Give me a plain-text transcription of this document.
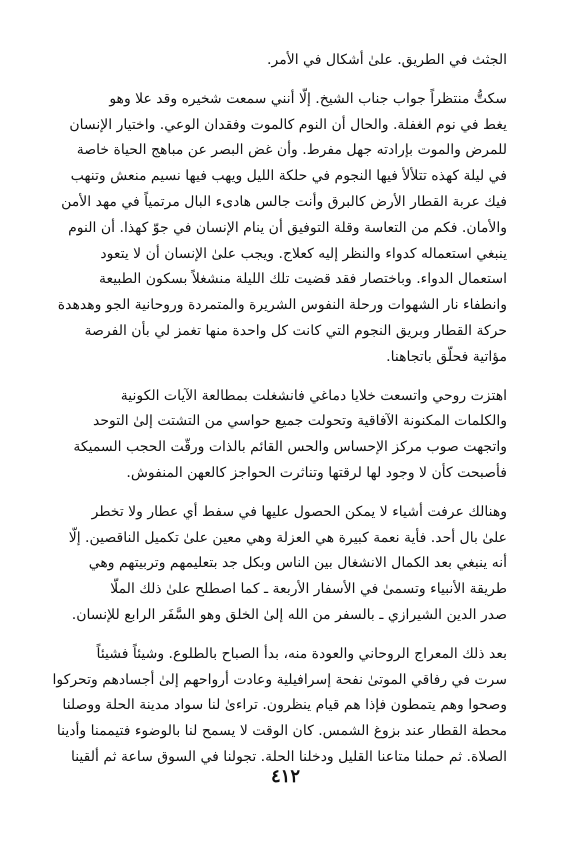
الجثث في الطريق. علىٰ أشكال في الأمر.

سكتُّ منتظراً جواب جناب الشيخ. إلّا أنني سمعت شخيره وقد علا وهو
يغط في نوم الغفلة. والحال أن النوم كالموت وفقدان الوعي. واختيار الإنسان
للمرض والموت بإرادته جهل مفرط. وأن غض البصر عن مباهج الحياة خاصة
في ليلة كهذه تتلألأ فيها النجوم في حلكة الليل ويهب فيها نسيم منعش وتنهب
فيك عربة القطار الأرض كالبرق وأنت جالس هادىء البال مرتمياً في مهد الأمن
والأمان. فكم من التعاسة وقلة التوفيق أن ينام الإنسان في جوّ كهذا. أن النوم
ينبغي استعماله كدواء والنظر إليه كعلاج. ويجب علىٰ الإنسان أن لا يتعود
استعمال الدواء. وباختصار فقد قضيت تلك الليلة منشغلاً بسكون الطبيعة
وانطفاء نار الشهوات ورحلة النفوس الشريرة والمتمردة وروحانية الجو وهدهدة
حركة القطار وبريق النجوم التي كانت كل واحدة منها تغمز لي بأن الفرصة
مؤاتية فحلّق باتجاهنا.

اهتزت روحي واتسعت خلايا دماغي فانشغلت بمطالعة الآيات الكونية
والكلمات المكنونة الآفاقية وتحولت جميع حواسي من التشتت إلىٰ التوحد
واتجهت صوب مركز الإحساس والحس القائم بالذات ورقّت الحجب السميكة
فأصبحت كأن لا وجود لها لرقتها وتناثرت الحواجز كالعهن المنفوش.

وهنالك عرفت أشياء لا يمكن الحصول عليها في سفط أي عطار ولا تخطر
علىٰ بال أحد. فأية نعمة كبيرة هي العزلة وهي معين علىٰ تكميل الناقصين. إلّا
أنه ينبغي بعد الكمال الانشغال بين الناس وبكل جد بتعليمهم وتربيتهم وهي
طريقة الأنبياء وتسمىٰ في الأسفار الأربعة ـ كما اصطلح علىٰ ذلك الملّا
صدر الدين الشيرازي ـ بالسفر من الله إلىٰ الخلق وهو السَّفَر الرابع للإنسان.

بعد ذلك المعراج الروحاني والعودة منه، بدأ الصباح بالطلوع. وشيئاً فشيئاً
سرت في رفاقي الموتىٰ نفحة إسرافيلية وعادت أرواحهم إلىٰ أجسادهم وتحركوا
وصحوا وهم يتمطون فإذا هم قيام ينظرون. تراءىٰ لنا سواد مدينة الحلة ووصلنا
محطة القطار عند بزوغ الشمس. كان الوقت لا يسمح لنا بالوضوء فتيممنا وأدينا
الصلاة. ثم حملنا متاعنا القليل ودخلنا الحلة. تجولنا في السوق ساعة ثم ألقينا

٤١٢
